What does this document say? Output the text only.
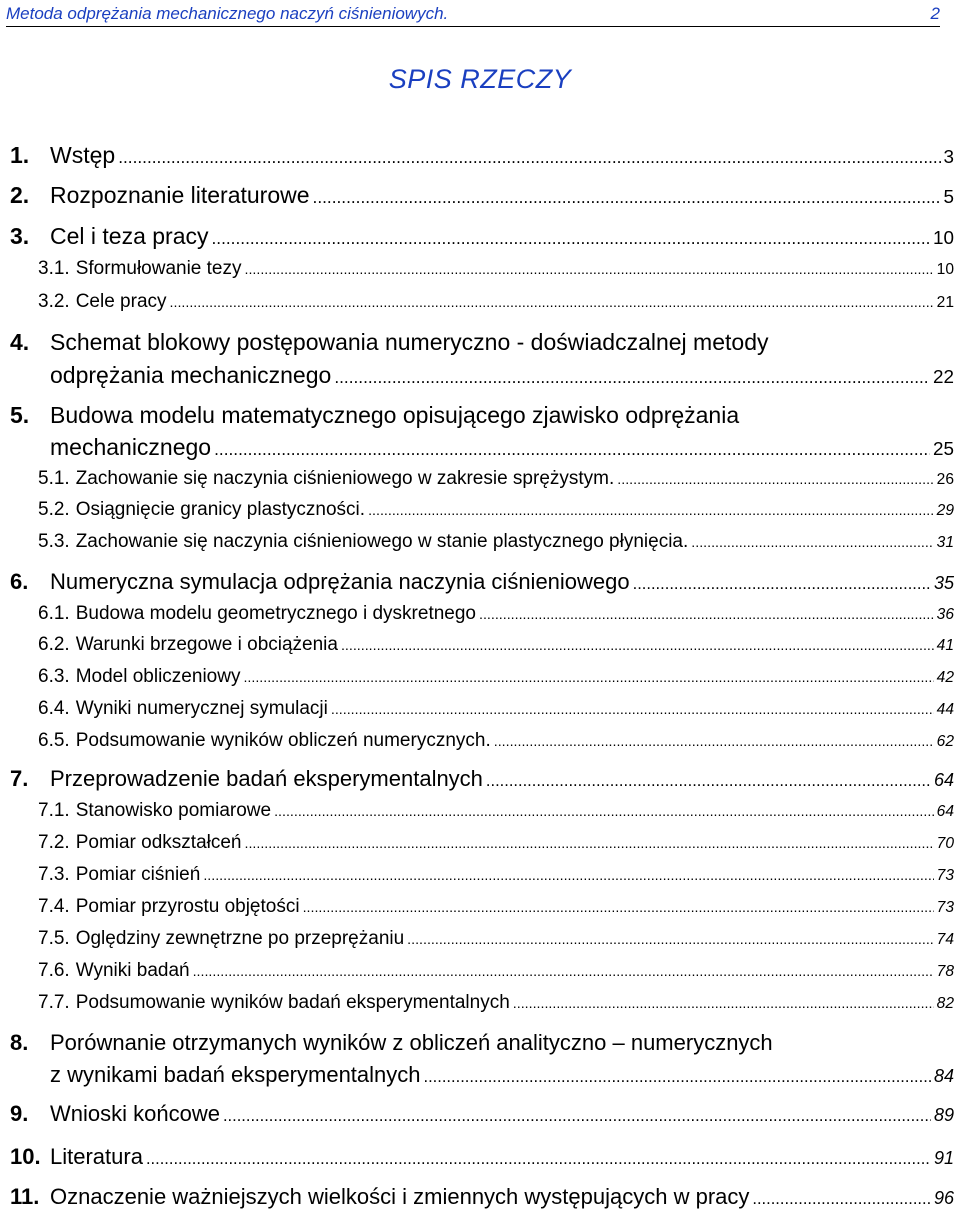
Metoda odprężania mechanicznego naczyń ciśnieniowych.	2
SPIS RZECZY
1. Wstęp .....	3
2. Rozpoznanie literaturowe .....	5
3. Cel i teza pracy .....	10
3.1. Sformułowanie tezy .....	10
3.2. Cele pracy .....	21
4. Schemat blokowy postępowania numeryczno - doświadczalnej metody
odprężania mechanicznego .....	22
5. Budowa modelu matematycznego opisującego zjawisko odprężania
mechanicznego .....	25
5.1. Zachowanie się naczynia ciśnieniowego w zakresie sprężystym. .....	26
5.2. Osiągnięcie granicy plastyczności. .....	29
5.3. Zachowanie się naczynia ciśnieniowego w stanie plastycznego płynięcia. .....	31
6. Numeryczna symulacja odprężania naczynia ciśnieniowego .....	35
6.1. Budowa modelu geometrycznego i dyskretnego .....	36
6.2. Warunki brzegowe i obciążenia .....	41
6.3. Model obliczeniowy .....	42
6.4. Wyniki numerycznej symulacji .....	44
6.5. Podsumowanie wyników obliczeń numerycznych. .....	62
7. Przeprowadzenie badań eksperymentalnych .....	64
7.1. Stanowisko pomiarowe .....	64
7.2. Pomiar odkształceń .....	70
7.3. Pomiar ciśnień .....	73
7.4. Pomiar przyrostu objętości .....	73
7.5. Oględziny zewnętrzne po przeprężaniu .....	74
7.6. Wyniki badań .....	78
7.7. Podsumowanie wyników badań eksperymentalnych .....	82
8. Porównanie otrzymanych wyników z obliczeń analityczno – numerycznych
z wynikami badań eksperymentalnych .....	84
9. Wnioski końcowe .....	89
10. Literatura .....	91
11. Oznaczenie ważniejszych wielkości i zmiennych występujących w pracy .....	96
